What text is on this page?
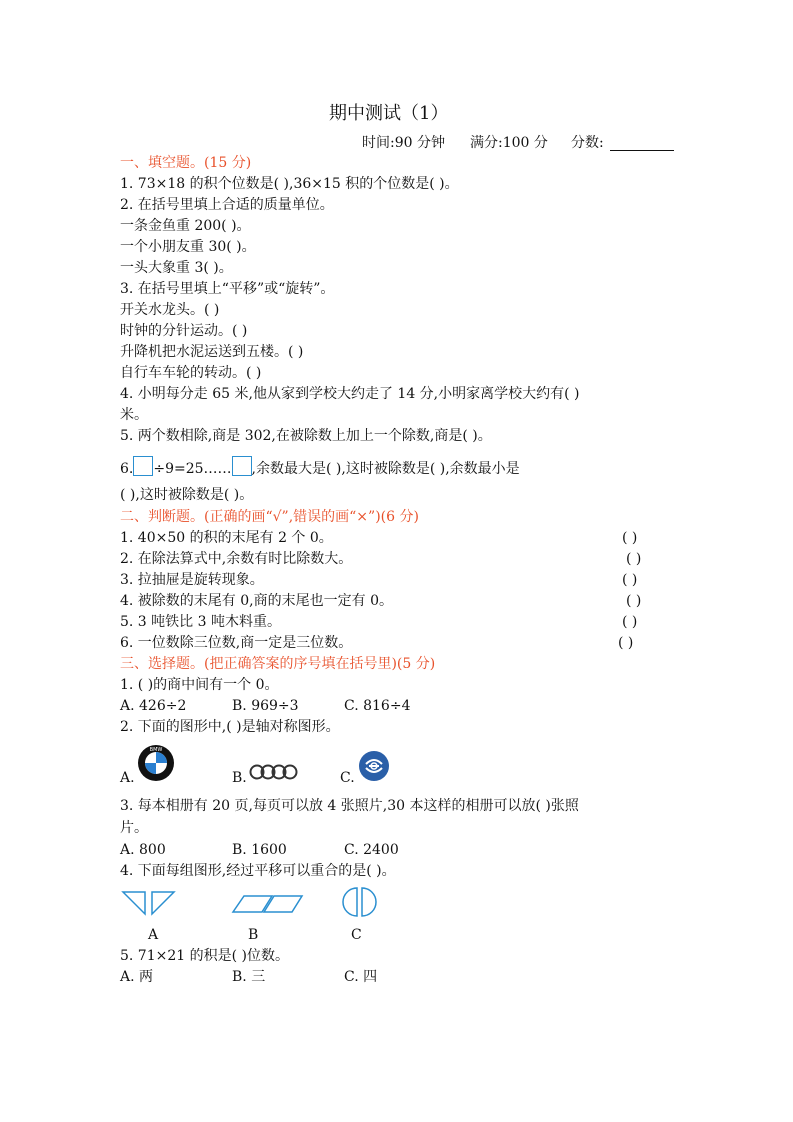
期中测试（1）
时间:90 分钟 满分:100 分 分数:
一、填空题。(15 分)
1. 73×18 的积个位数是( ),36×15 积的个位数是( )。
2. 在括号里填上合适的质量单位。
一条金鱼重 200( )。
一个小朋友重 30( )。
一头大象重 3( )。
3. 在括号里填上“平移”或“旋转”。
开关水龙头。( )
时钟的分针运动。( )
升降机把水泥运送到五楼。( )
自行车车轮的转动。( )
4. 小明每分走 65 米,他从家到学校大约走了 14 分,小明家离学校大约有( )
米。
5. 两个数相除,商是 302,在被除数上加上一个除数,商是( )。
6. ÷9=25…… ,余数最大是( ),这时被除数是( ),余数最小是
( ),这时被除数是( )。
二、判断题。(正确的画“√”,错误的画“×”)(6 分)
1. 40×50 的积的末尾有 2 个 0。	( )
2. 在除法算式中,余数有时比除数大。	( )
3. 拉抽屉是旋转现象。	( )
4. 被除数的末尾有 0,商的末尾也一定有 0。	( )
5. 3 吨铁比 3 吨木料重。	( )
6. 一位数除三位数,商一定是三位数。	( )
三、选择题。(把正确答案的序号填在括号里)(5 分)
1. ( )的商中间有一个 0。
A. 426÷2	B. 969÷3	C. 816÷4
2. 下面的图形中,( )是轴对称图形。
BMW
A.	B.	C.
3. 每本相册有 20 页,每页可以放 4 张照片,30 本这样的相册可以放( )张照
片。
A. 800	B. 1600	C. 2400
4. 下面每组图形,经过平移可以重合的是( )。
A	B	C
5. 71×21 的积是( )位数。
A. 两	B. 三	C. 四
